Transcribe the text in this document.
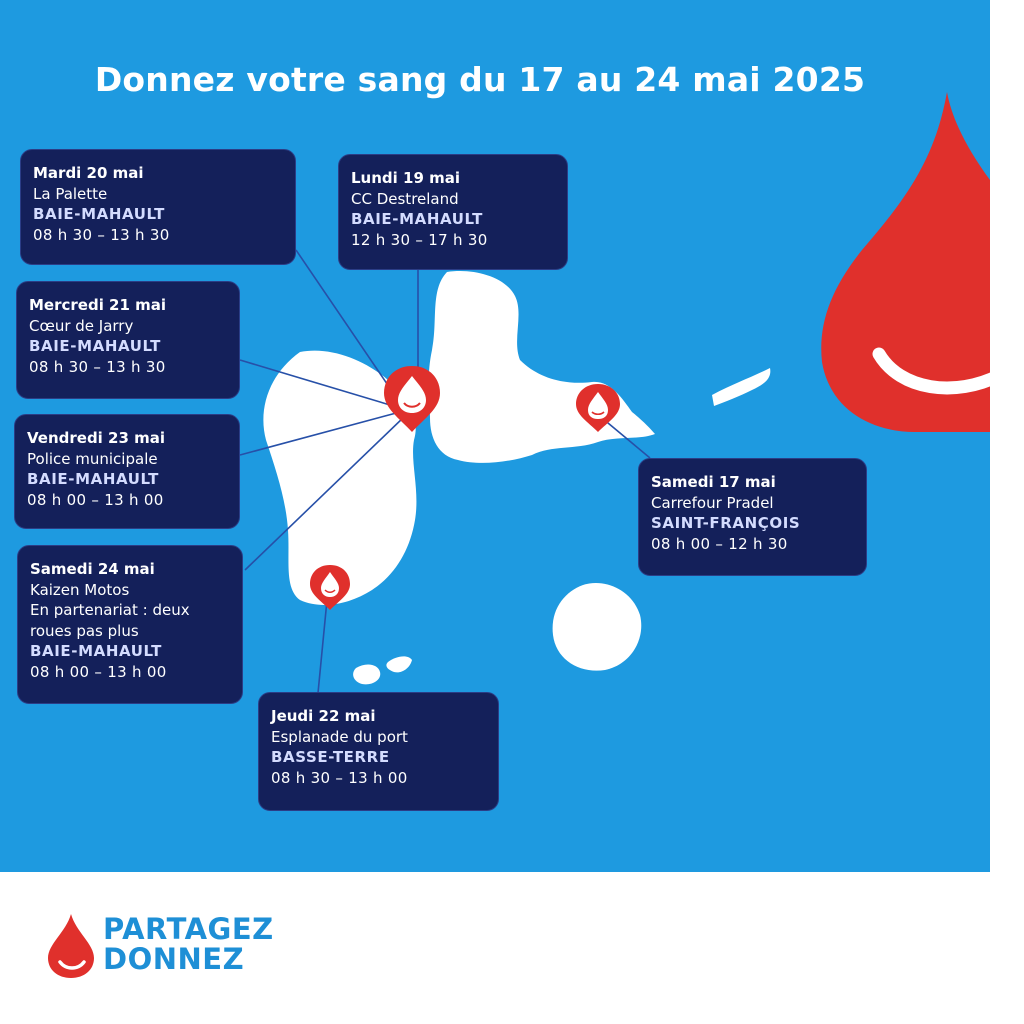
Donnez votre sang du 17 au 24 mai 2025
Mardi 20 mai
La Palette
BAIE-MAHAULT
08 h 30 – 13 h 30
Lundi 19 mai
CC Destreland
BAIE-MAHAULT
12 h 30 – 17 h 30
Mercredi 21 mai
Cœur de Jarry
BAIE-MAHAULT
08 h 30 – 13 h 30
Vendredi 23 mai
Police municipale
BAIE-MAHAULT
08 h 00 – 13 h 00
Samedi 24 mai
Kaizen Motos
En partenariat : deux
roues pas plus
BAIE-MAHAULT
08 h 00 – 13 h 00
Jeudi 22 mai
Esplanade du port
BASSE-TERRE
08 h 30 – 13 h 00
Samedi 17 mai
Carrefour Pradel
SAINT-FRANÇOIS
08 h 00 – 12 h 30
PARTAGEZ
DONNEZ
